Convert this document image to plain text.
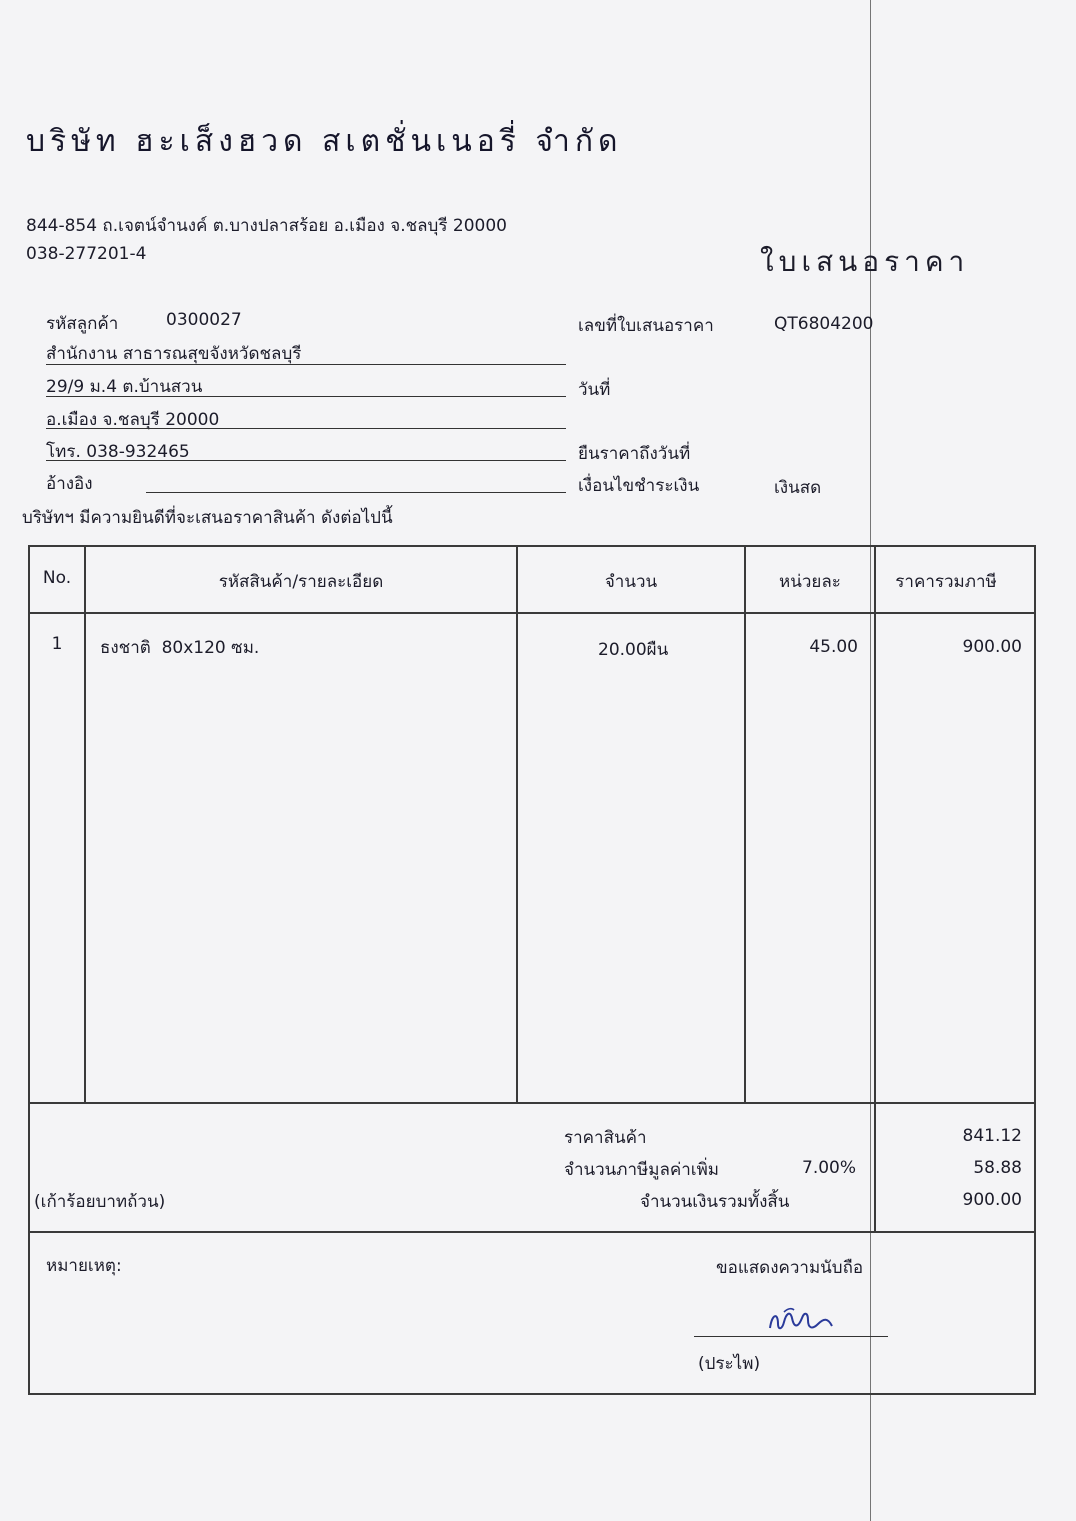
บริษัท ฮะเส็งฮวด สเตชั่นเนอรี่ จำกัด
844-854 ถ.เจตน์จำนงค์ ต.บางปลาสร้อย อ.เมือง จ.ชลบุรี 20000
038-277201-4	ใบเสนอราคา
รหัสลูกค้า	0300027
สำนักงาน สาธารณสุขจังหวัดชลบุรี
29/9 ม.4 ต.บ้านสวน
อ.เมือง จ.ชลบุรี 20000
โทร. 038-932465
อ้างอิง
เลขที่ใบเสนอราคา	QT6804200
วันที่
ยืนราคาถึงวันที่
เงื่อนไขชำระเงิน	เงินสด
บริษัทฯ มีความยินดีที่จะเสนอราคาสินค้า ดังต่อไปนี้
No.	รหัสสินค้า/รายละเอียด	จำนวน	หน่วยละ	ราคารวมภาษี
1	ธงชาติ  80x120 ซม.	20.00ผืน	45.00	900.00
ราคาสินค้า	841.12
จำนวนภาษีมูลค่าเพิ่ม	7.00%	58.88
จำนวนเงินรวมทั้งสิ้น	900.00
(เก้าร้อยบาทถ้วน)
หมายเหตุ:	ขอแสดงความนับถือ
(ประไพ)
